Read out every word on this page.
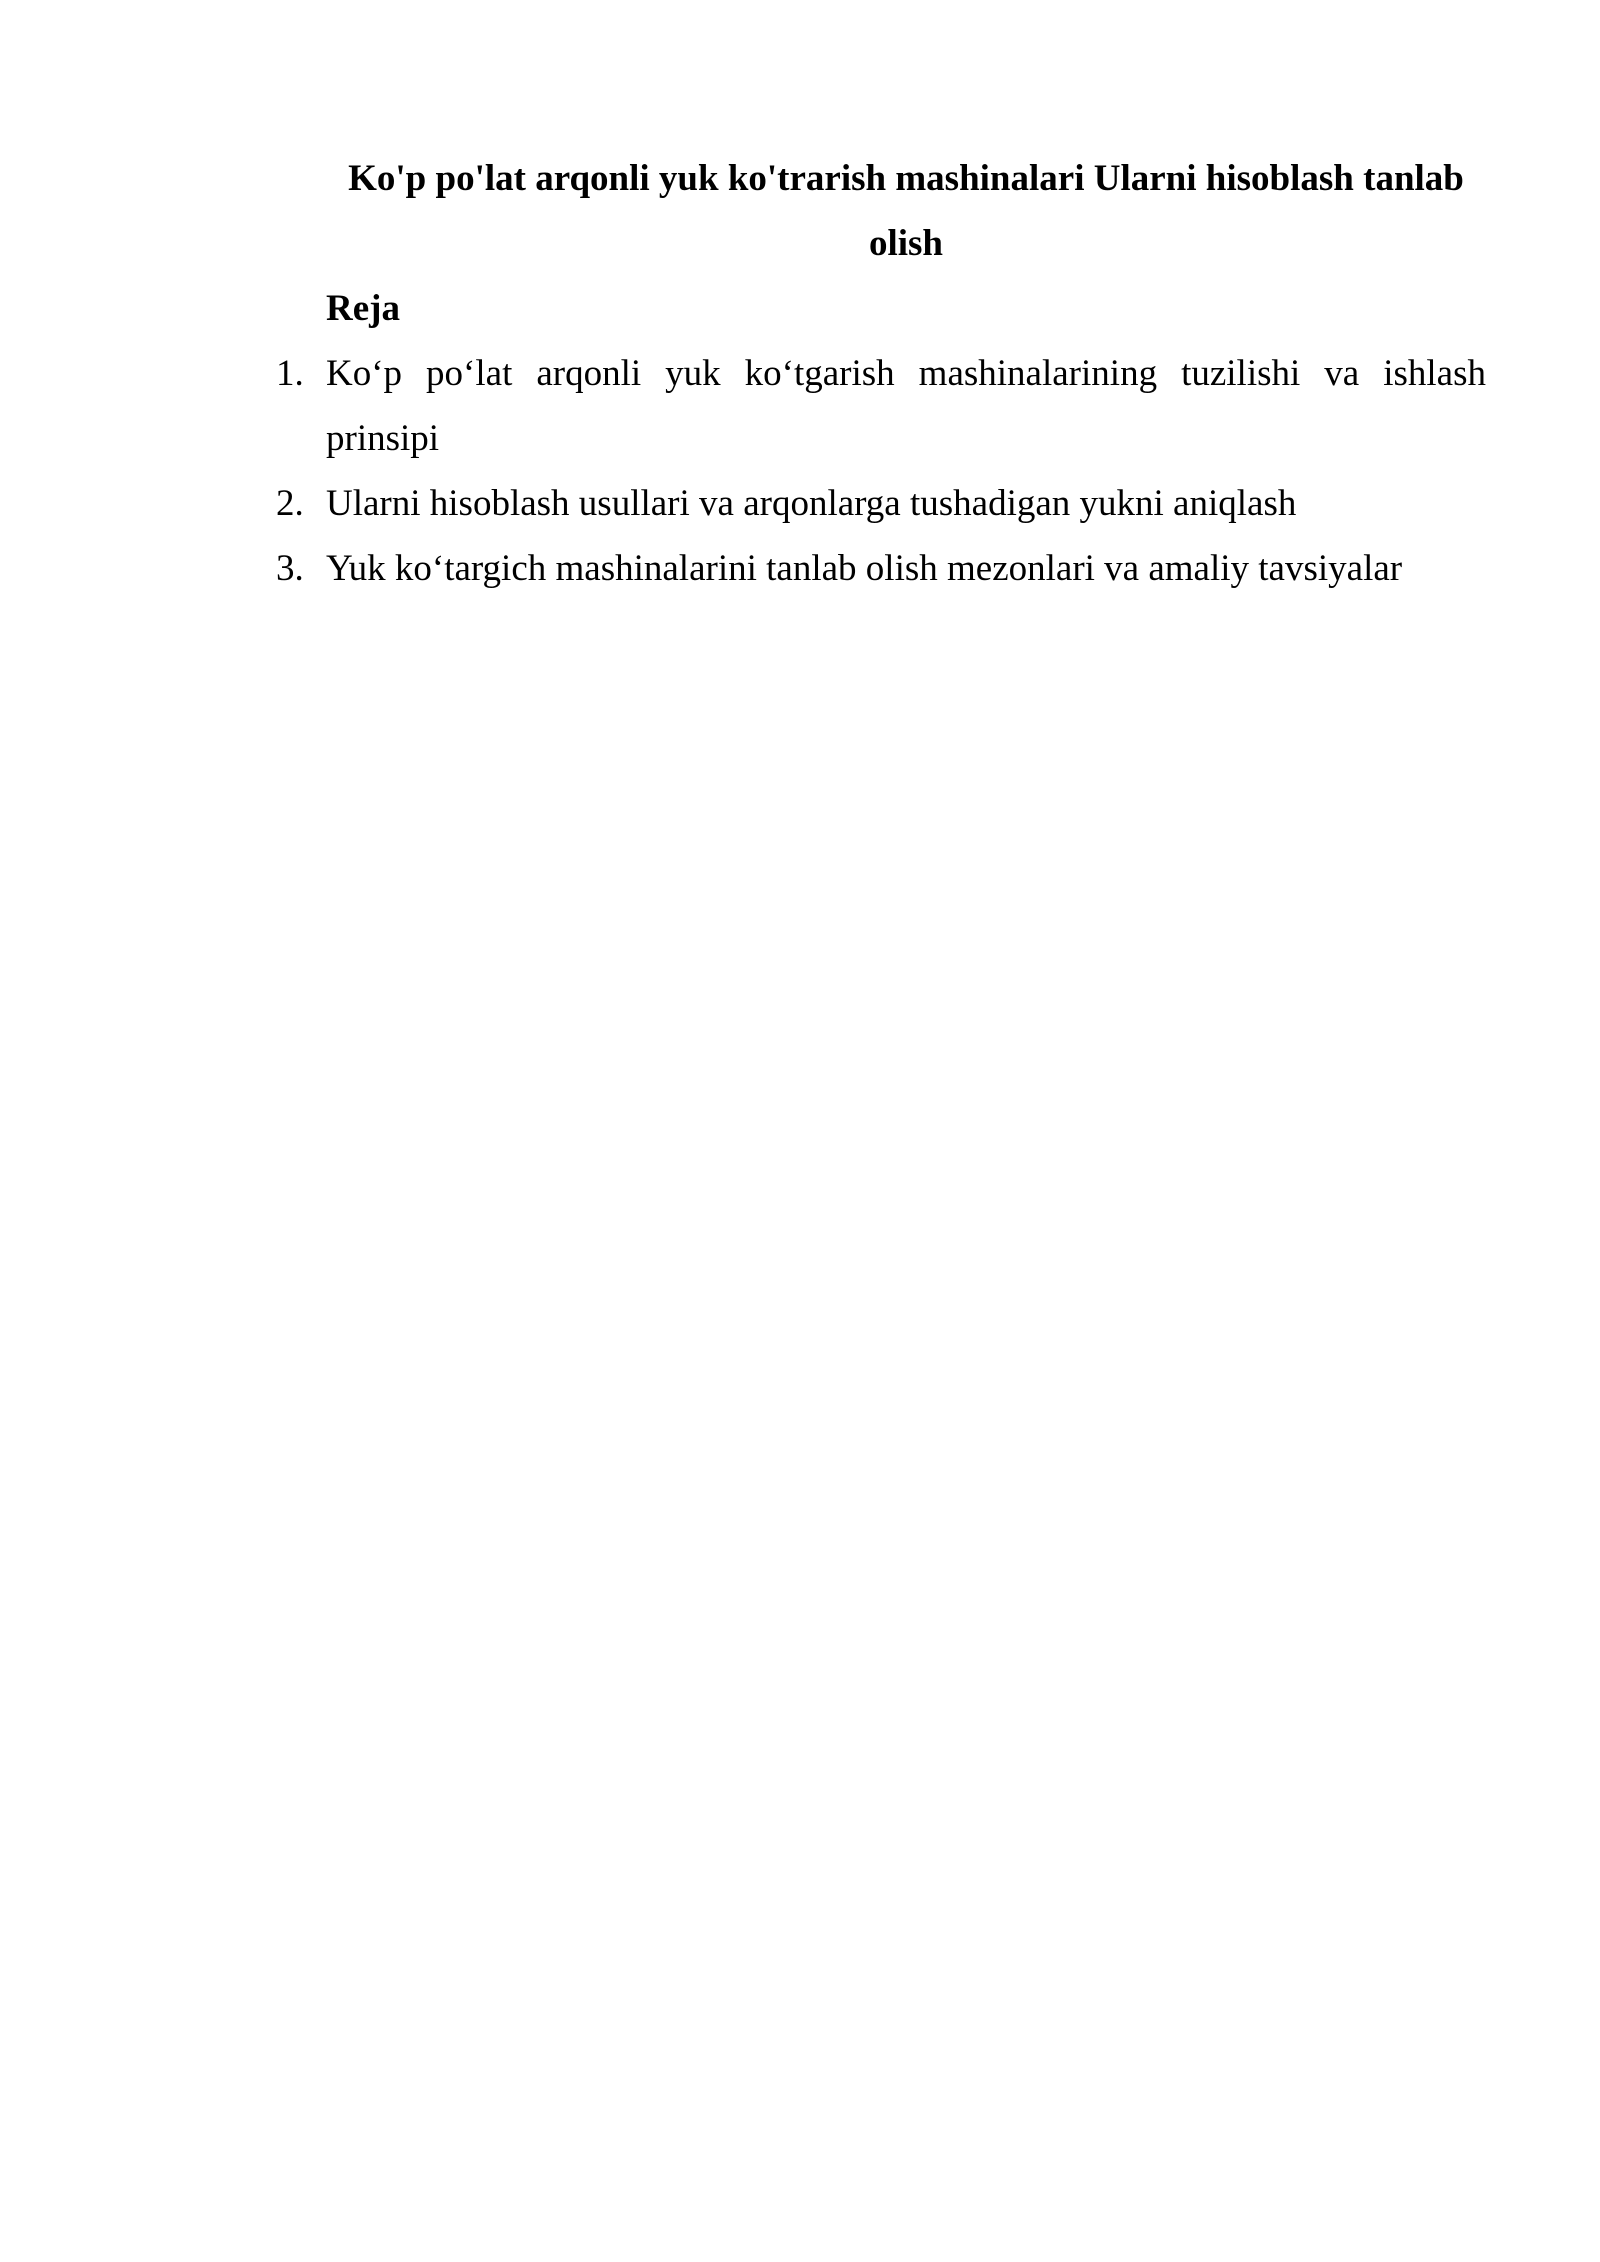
Ko'p po'lat arqonli yuk ko'trarish mashinalari Ularni hisoblash tanlab olish
Reja
1. Ko‘p po‘lat arqonli yuk ko‘tgarish mashinalarining tuzilishi va ishlash prinsipi
2. Ularni hisoblash usullari va arqonlarga tushadigan yukni aniqlash
3. Yuk ko‘targich mashinalarini tanlab olish mezonlari va amaliy tavsiyalar
